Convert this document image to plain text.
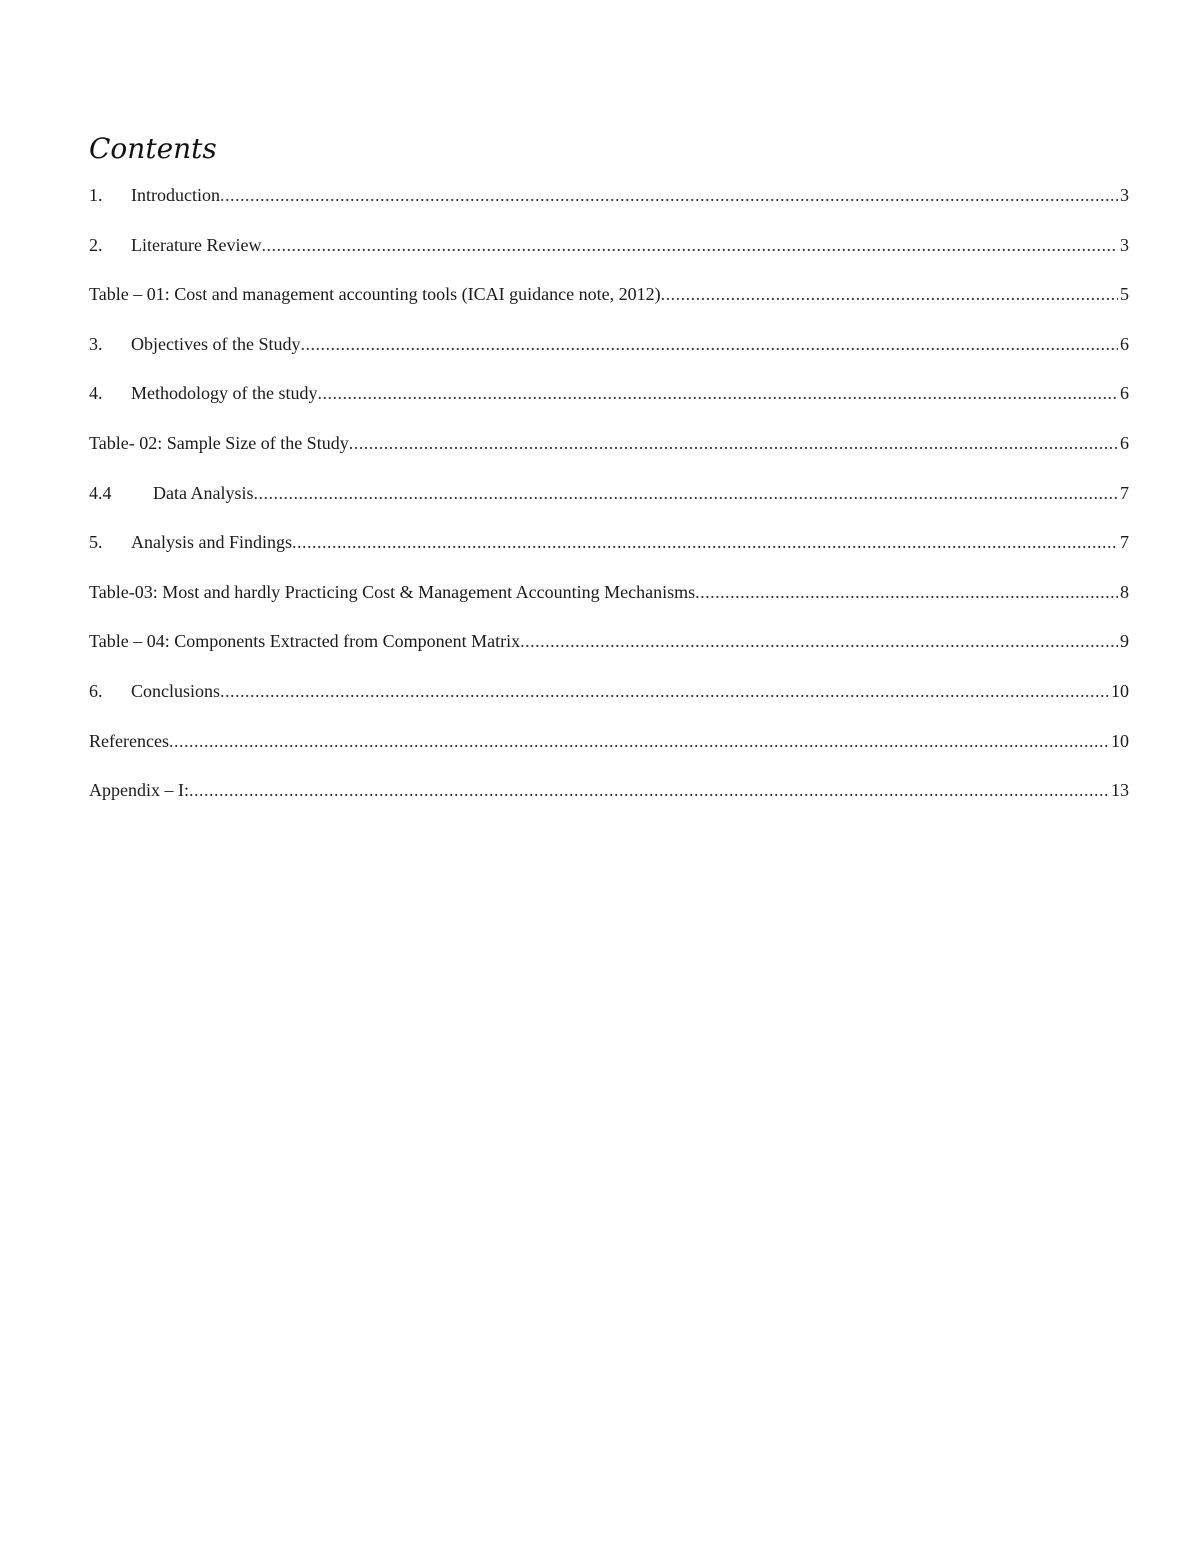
Contents
1.	Introduction .....	3
2.	Literature Review .....	3
Table – 01: Cost and management accounting tools (ICAI guidance note, 2012) .....	5
3.	Objectives of the Study .....	6
4.	Methodology of the study .....	6
Table- 02: Sample Size of the Study .....	6
4.4	Data Analysis .....	7
5.	Analysis and Findings .....	7
Table-03: Most and hardly Practicing Cost & Management Accounting Mechanisms .....	8
Table – 04: Components Extracted from Component Matrix .....	9
6.	Conclusions .....	10
References .....	10
Appendix – I: .....	13
